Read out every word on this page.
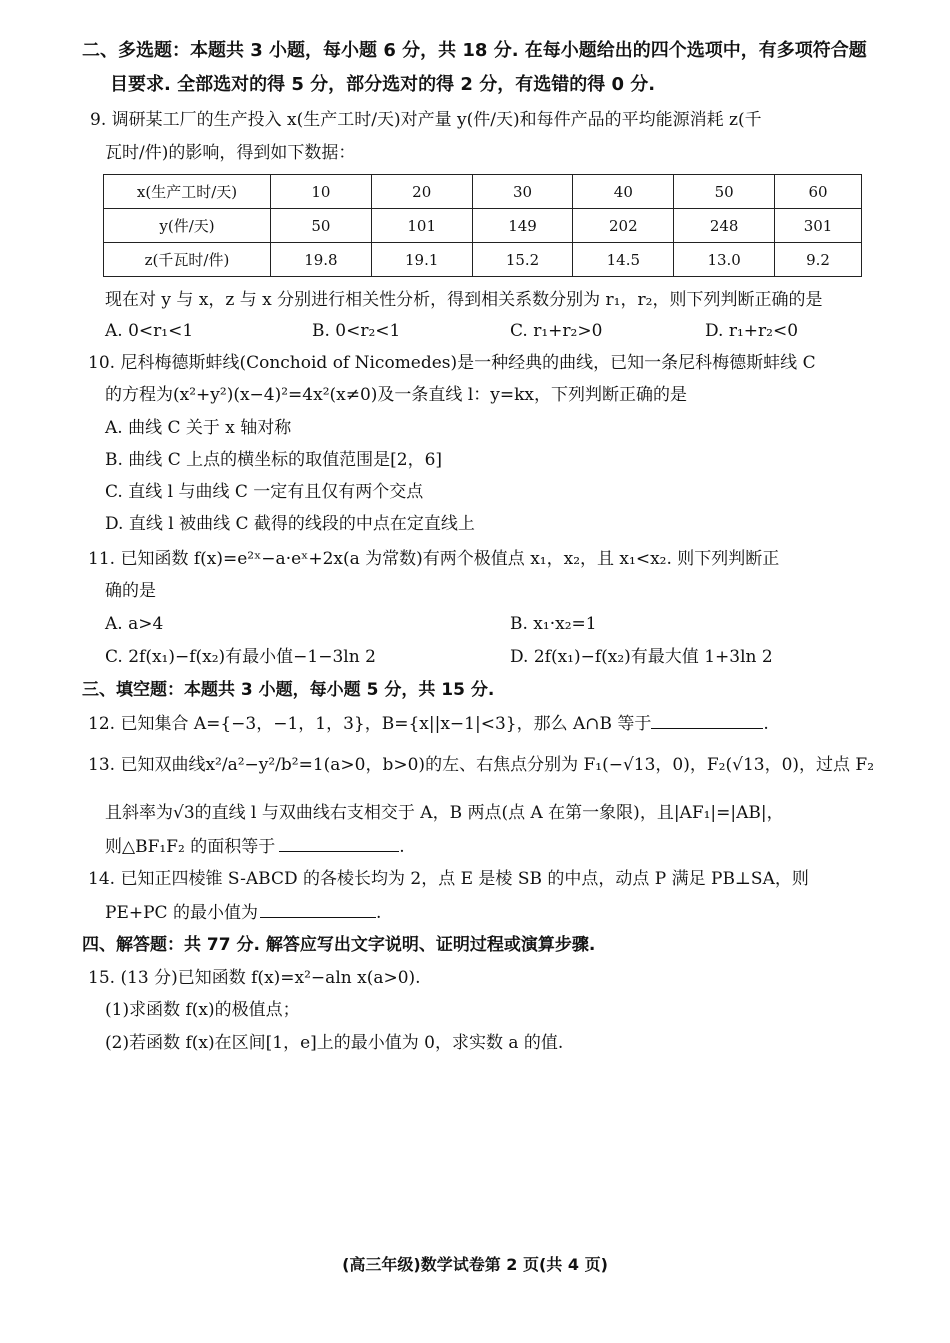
二、多选题：本题共 3 小题，每小题 6 分，共 18 分. 在每小题给出的四个选项中，有多项符合题
目要求. 全部选对的得 5 分，部分选对的得 2 分，有选错的得 0 分.
9. 调研某工厂的生产投入 x(生产工时/天)对产量 y(件/天)和每件产品的平均能源消耗 z(千
瓦时/件)的影响，得到如下数据：
x(生产工时/天)	10	20	30	40	50	60
y(件/天)	50	101	149	202	248	301
z(千瓦时/件)	19.8	19.1	15.2	14.5	13.0	9.2
现在对 y 与 x，z 与 x 分别进行相关性分析，得到相关系数分别为 r₁，r₂，则下列判断正确的是
A. 0<r₁<1	B. 0<r₂<1	C. r₁+r₂>0	D. r₁+r₂<0
10. 尼科梅德斯蚌线(Conchoid of Nicomedes)是一种经典的曲线，已知一条尼科梅德斯蚌线 C
的方程为(x²+y²)(x−4)²=4x²(x≠0)及一条直线 l：y=kx，下列判断正确的是
A. 曲线 C 关于 x 轴对称
B. 曲线 C 上点的横坐标的取值范围是[2，6]
C. 直线 l 与曲线 C 一定有且仅有两个交点
D. 直线 l 被曲线 C 截得的线段的中点在定直线上
11. 已知函数 f(x)=e²ˣ−a·eˣ+2x(a 为常数)有两个极值点 x₁，x₂，且 x₁<x₂. 则下列判断正
确的是
A. a>4	B. x₁·x₂=1
C. 2f(x₁)−f(x₂)有最小值−1−3ln 2	D. 2f(x₁)−f(x₂)有最大值 1+3ln 2
三、填空题：本题共 3 小题，每小题 5 分，共 15 分.
12. 已知集合 A={−3，−1，1，3}，B={x||x−1|<3}，那么 A∩B 等于	.
13. 已知双曲线x²/a²−y²/b²=1(a>0，b>0)的左、右焦点分别为 F₁(−√13，0)，F₂(√13，0)，过点 F₂
且斜率为√3的直线 l 与双曲线右支相交于 A，B 两点(点 A 在第一象限)，且|AF₁|=|AB|，
则△BF₁F₂ 的面积等于	.
14. 已知正四棱锥 S-ABCD 的各棱长均为 2，点 E 是棱 SB 的中点，动点 P 满足 PB⊥SA，则
PE+PC 的最小值为	.
四、解答题：共 77 分. 解答应写出文字说明、证明过程或演算步骤.
15. (13 分)已知函数 f(x)=x²−aln x(a>0).
(1)求函数 f(x)的极值点；
(2)若函数 f(x)在区间[1，e]上的最小值为 0，求实数 a 的值.
(高三年级)数学试卷第 2 页(共 4 页)
